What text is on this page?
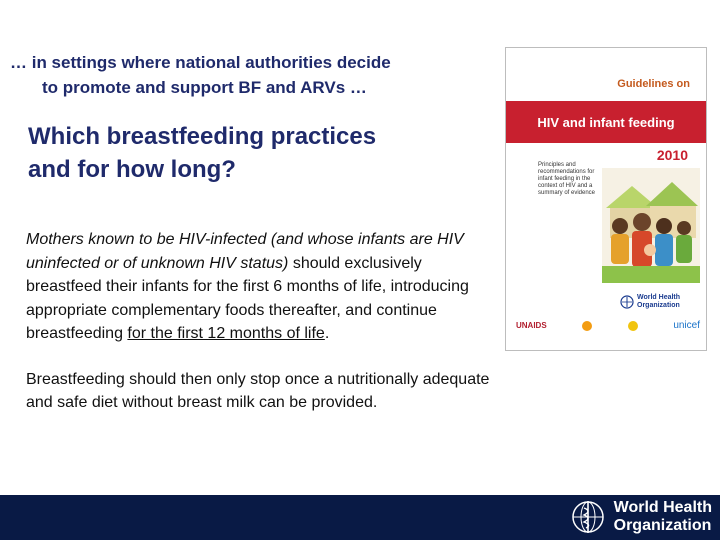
… in settings where national authorities decide
to promote and support BF and ARVs …
Which breastfeeding practices
and for how long?

Mothers known to be HIV-infected (and whose infants are HIV uninfected or of unknown HIV status) should exclusively breastfeed their infants for the first 6 months of life, introducing appropriate complementary foods thereafter, and continue breastfeeding for the first 12 months of life.

Breastfeeding should then only stop once a nutritionally adequate and safe diet without breast milk can be provided.

Guidelines on
HIV and infant feeding
2010
Principles and recommendations for infant feeding in the context of HIV and a summary of evidence
World Health
Organization
UNAIDS	unicef
World Health
Organization
